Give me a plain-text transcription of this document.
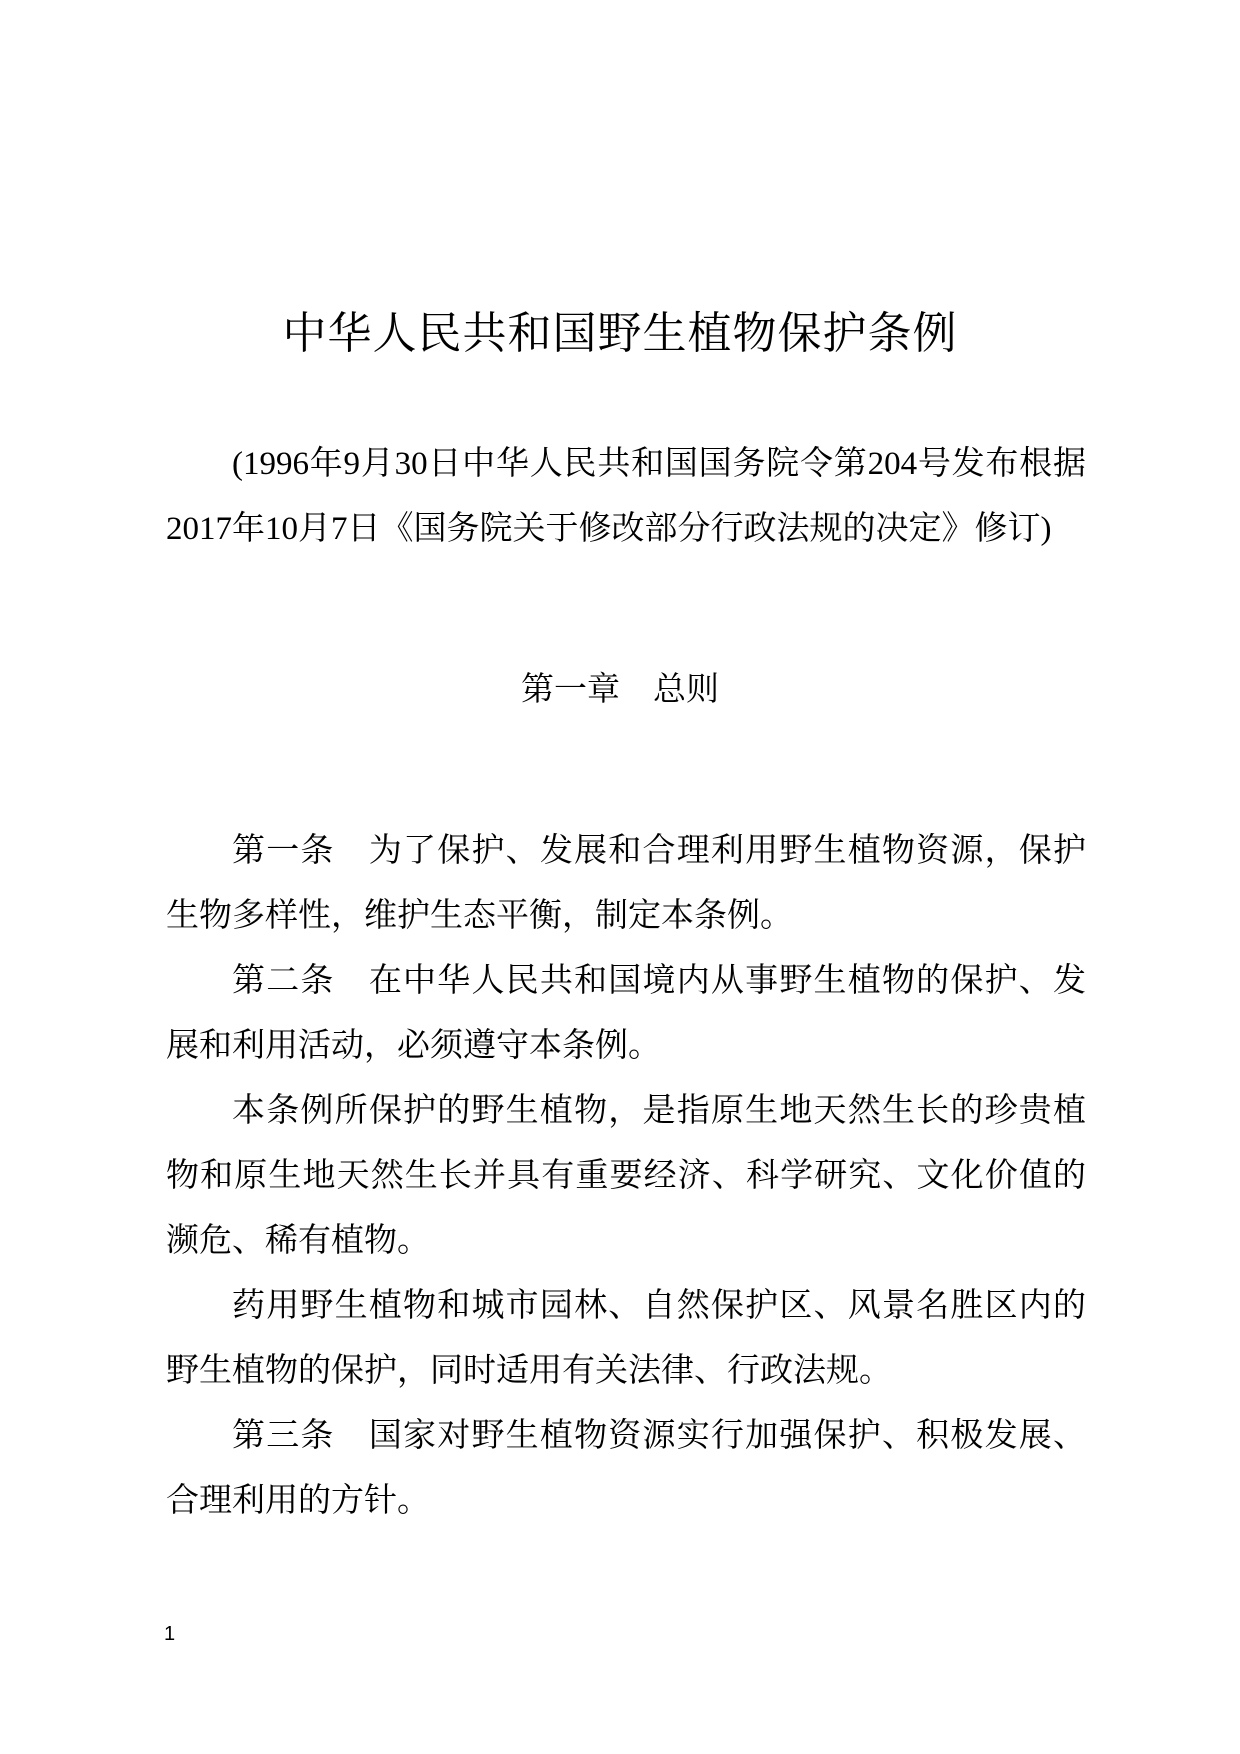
中华人民共和国野生植物保护条例

(1996年9月30日中华人民共和国国务院令第204号发布根据2017年10月7日《国务院关于修改部分行政法规的决定》修订)

第一章　总则

第一条　 为了保护、发展和合理利用野生植物资源，保护生物多样性，维护生态平衡，制定本条例。

第二条　 在中华人民共和国境内从事野生植物的保护、发展和利用活动，必须遵守本条例。

本条例所保护的野生植物，是指原生地天然生长的珍贵植物和原生地天然生长并具有重要经济、科学研究、文化价值的濒危、稀有植物。

药用野生植物和城市园林、自然保护区、风景名胜区内的野生植物的保护，同时适用有关法律、行政法规。

第三条　 国家对野生植物资源实行加强保护、积极发展、合理利用的方针。

1
